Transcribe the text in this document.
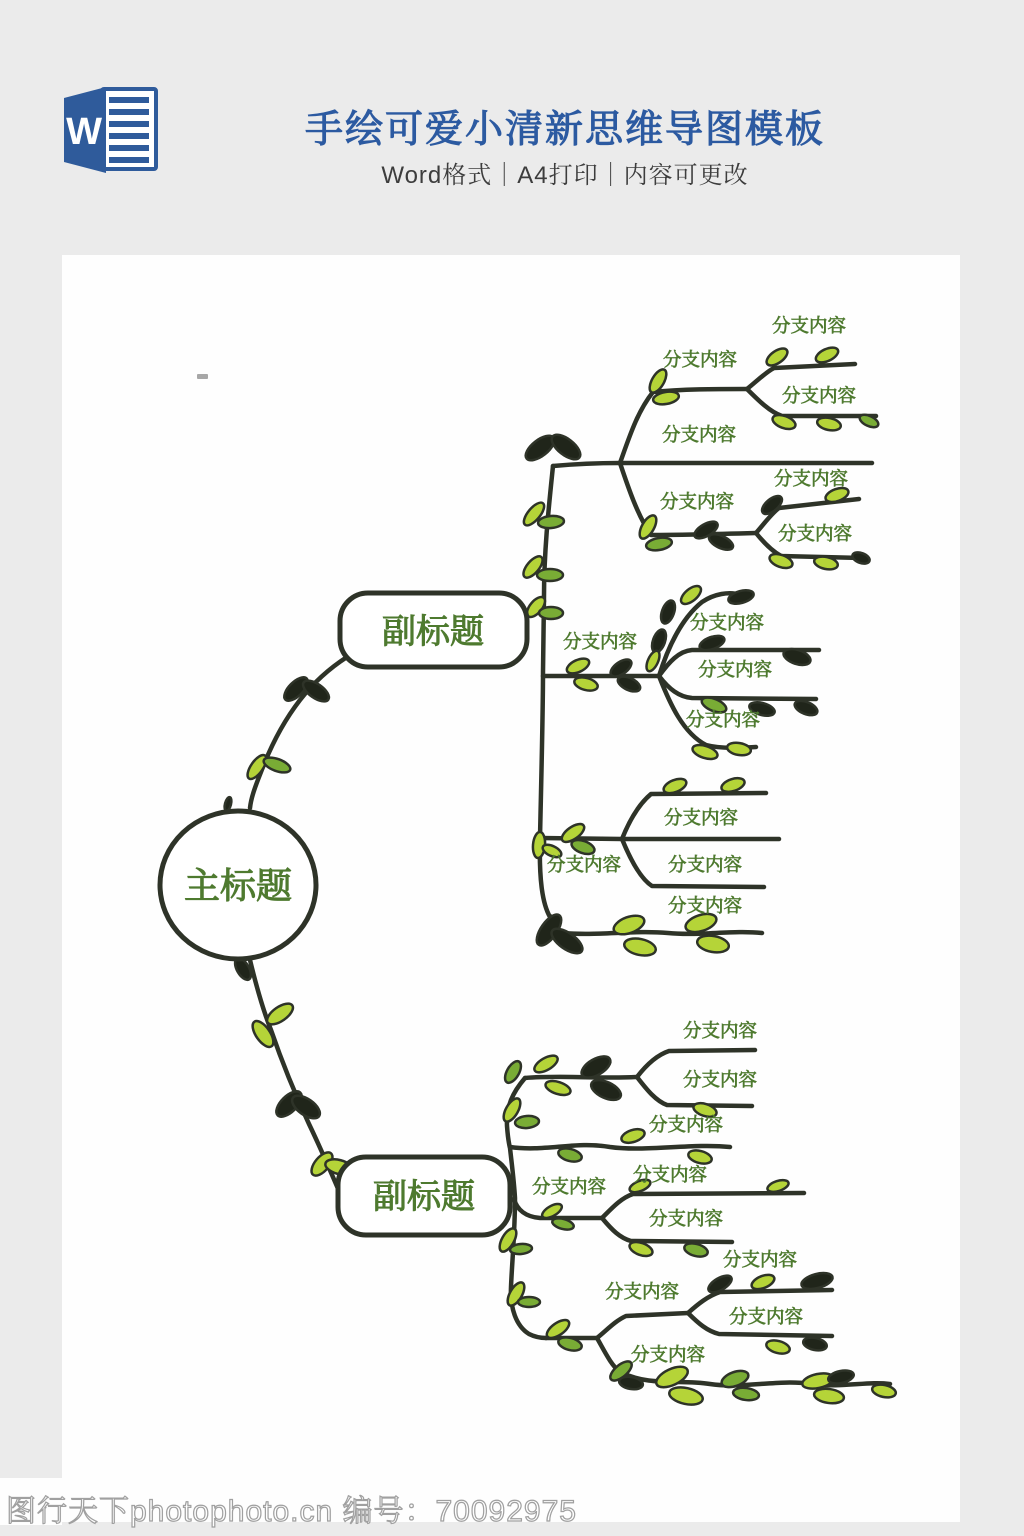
W	手绘可爱小清新思维导图模板
Word格式｜A4打印｜内容可更改
主标题
副标题
副标题
分支内容
分支内容
分支内容
分支内容
分支内容
分支内容
分支内容
分支内容
分支内容
分支内容
分支内容
分支内容
分支内容	分支内容
分支内容
分支内容
分支内容
分支内容
分支内容
分支内容
分支内容
分支内容
分支内容
分支内容
分支内容
图行天下photophoto.cn 编号：70092975
